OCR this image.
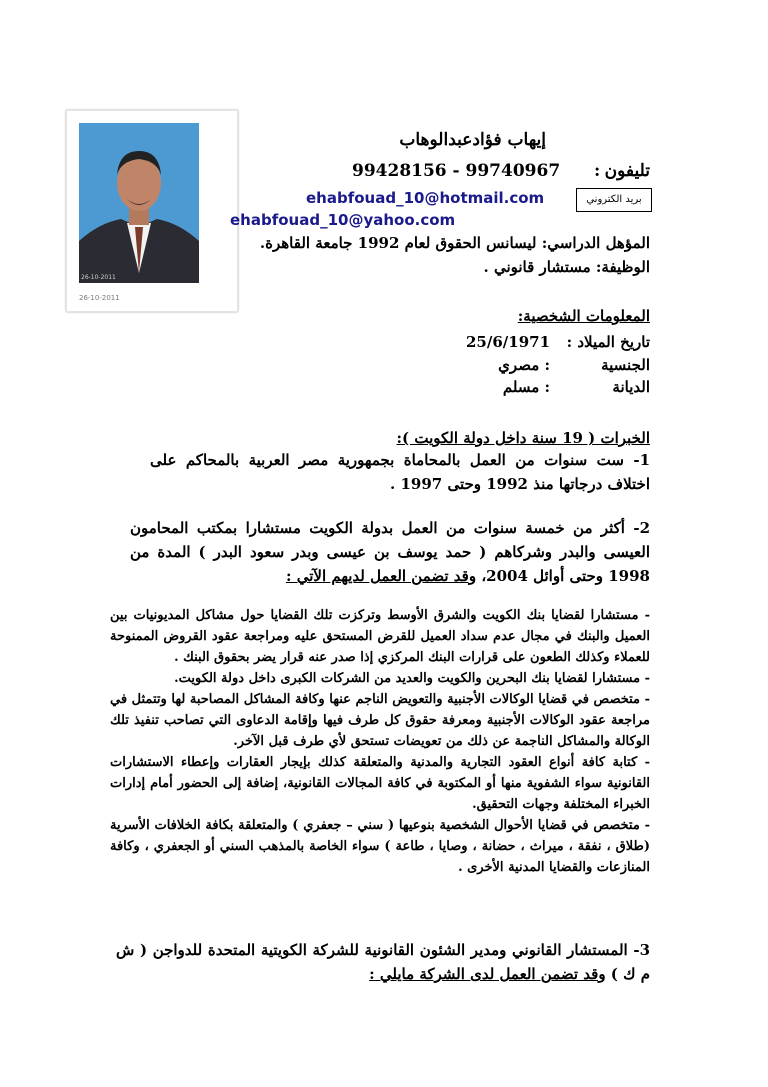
26-10-2011
26-10-2011
إيهاب فؤادعبدالوهاب
تليفون
:
99428156 - 99740967
بريد الكتروني
ehabfouad_10@hotmail.com
ehabfouad_10@yahoo.com
المؤهل الدراسي: ليسانس الحقوق لعام 1992 جامعة القاهرة.
الوظيفة: مستشار قانوني .
المعلومات الشخصية:
تاريخ الميلاد :
25/6/1971
الجنسية
: مصري
الديانة
: مسلم
الخبرات ( 19 سنة داخل دولة الكويت ):
1- ست سنوات من العمل بالمحاماة بجمهورية مصر العربية بالمحاكم على اختلاف درجاتها منذ 1992 وحتى 1997 .
2- أكثر من خمسة سنوات من العمل بدولة الكويت مستشارا بمكتب المحامون العيسى والبدر وشركاهم ( حمد يوسف بن عيسى وبدر سعود البدر ) المدة من 1998 وحتى أوائل 2004، وقد تضمن العمل لديهم الآتي :

- مستشارا لقضايا بنك الكويت والشرق الأوسط وتركزت تلك القضايا حول مشاكل المديونيات بين العميل والبنك في مجال عدم سداد العميل للقرض المستحق عليه ومراجعة عقود القروض الممنوحة للعملاء وكذلك الطعون على قرارات البنك المركزي إذا صدر عنه قرار يضر بحقوق البنك .

- مستشارا لقضايا بنك البحرين والكويت والعديد من الشركات الكبرى داخل دولة الكويت.

- متخصص في قضايا الوكالات الأجنبية والتعويض الناجم عنها وكافة المشاكل المصاحبة لها وتتمثل في مراجعة عقود الوكالات الأجنبية ومعرفة حقوق كل طرف فيها وإقامة الدعاوى التي تصاحب تنفيذ تلك الوكالة والمشاكل الناجمة عن ذلك من تعويضات تستحق لأي طرف قبل الآخر.

- كتابة كافة أنواع العقود التجارية والمدنية والمتعلقة كذلك بإيجار العقارات وإعطاء الاستشارات القانونية سواء الشفوية منها أو المكتوبة في كافة المجالات القانونية، إضافة إلى الحضور أمام إدارات الخبراء المختلفة وجهات التحقيق.

- متخصص في قضايا الأحوال الشخصية بنوعيها ( سني – جعفري ) والمتعلقة بكافة الخلافات الأسرية (طلاق ، نفقة ، ميراث ، حضانة ، وصايا ، طاعة ) سواء الخاصة بالمذهب السني أو الجعفري ، وكافة المنازعات والقضايا المدنية الأخرى .

3- المستشار القانوني ومدير الشئون القانونية للشركة الكويتية المتحدة للدواجن ( ش م ك ) وقد تضمن العمل لدى الشركة مايلي :
